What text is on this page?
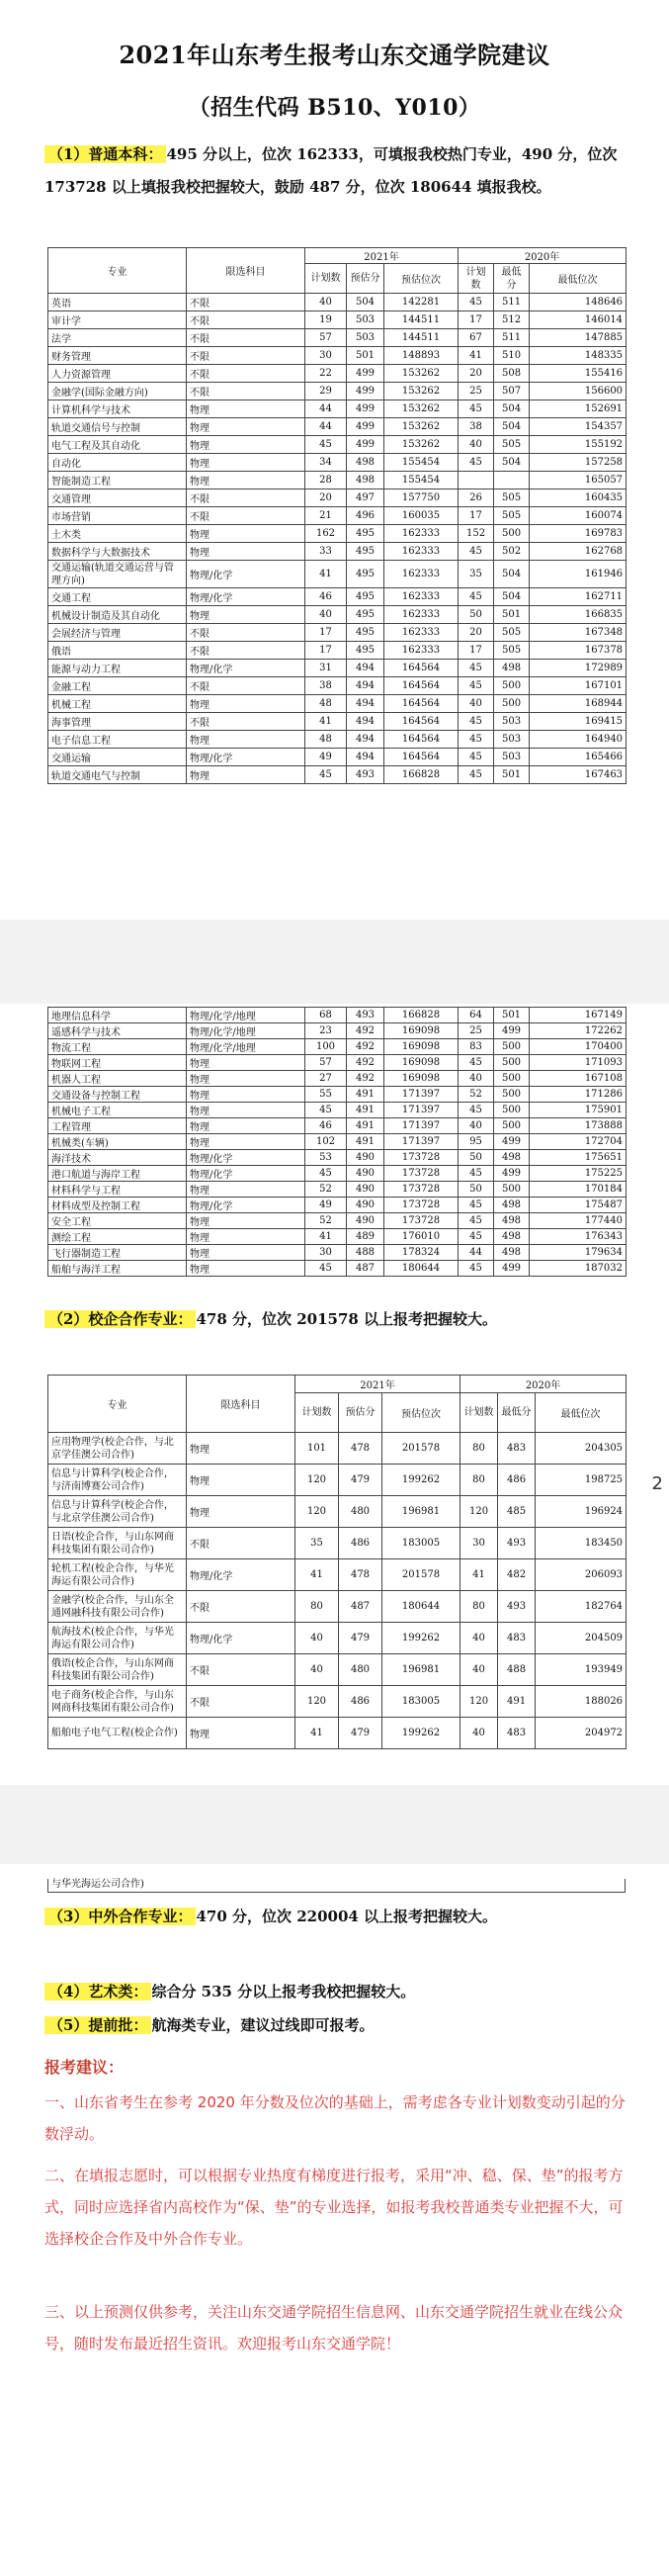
2021年山东考生报考山东交通学院建议
（招生代码 B510、Y010）
（1）普通本科： 495 分以上，位次 162333，可填报我校热门专业，490 分，位次 173728 以上填报我校把握较大，鼓励 487 分，位次 180644 填报我校。
专业	限选科目	2021年			2020年		
		计划数	预估分	预估位次	计划数	最低分	最低位次
英语	不限	40	504	142281	45	511	148646
审计学	不限	19	503	144511	17	512	146014
法学	不限	57	503	144511	67	511	147885
财务管理	不限	30	501	148893	41	510	148335
人力资源管理	不限	22	499	153262	20	508	155416
金融学(国际金融方向)	不限	29	499	153262	25	507	156600
计算机科学与技术	物理	44	499	153262	45	504	152691
轨道交通信号与控制	物理	44	499	153262	38	504	154357
电气工程及其自动化	物理	45	499	153262	40	505	155192
自动化	物理	34	498	155454	45	504	157258
智能制造工程	物理	28	498	155454			165057
交通管理	不限	20	497	157750	26	505	160435
市场营销	不限	21	496	160035	17	505	160074
土木类	物理	162	495	162333	152	500	169783
数据科学与大数据技术	物理	33	495	162333	45	502	162768
交通运输(轨道交通运营与管理方向)	物理/化学	41	495	162333	35	504	161946
交通工程	物理/化学	46	495	162333	45	504	162711
机械设计制造及其自动化	物理	40	495	162333	50	501	166835
会展经济与管理	不限	17	495	162333	20	505	167348
俄语	不限	17	495	162333	17	505	167378
能源与动力工程	物理/化学	31	494	164564	45	498	172989
金融工程	不限	38	494	164564	45	500	167101
机械工程	物理	48	494	164564	40	500	168944
海事管理	不限	41	494	164564	45	503	169415
电子信息工程	物理	48	494	164564	45	503	164940
交通运输	物理/化学	49	494	164564	45	503	165466
轨道交通电气与控制	物理	45	493	166828	45	501	167463
地理信息科学	物理/化学/地理	68	493	166828	64	501	167149
遥感科学与技术	物理/化学/地理	23	492	169098	25	499	172262
物流工程	物理/化学/地理	100	492	169098	83	500	170400
物联网工程	物理	57	492	169098	45	500	171093
机器人工程	物理	27	492	169098	40	500	167108
交通设备与控制工程	物理	55	491	171397	52	500	171286
机械电子工程	物理	45	491	171397	45	500	175901
工程管理	物理	46	491	171397	40	500	173888
机械类(车辆)	物理	102	491	171397	95	499	172704
海洋技术	物理/化学	53	490	173728	50	498	175651
港口航道与海岸工程	物理/化学	45	490	173728	45	499	175225
材料科学与工程	物理	52	490	173728	50	500	170184
材料成型及控制工程	物理/化学	49	490	173728	45	498	175487
安全工程	物理	52	490	173728	45	498	177440
测绘工程	物理	41	489	176010	45	498	176343
飞行器制造工程	物理	30	488	178324	44	498	179634
船舶与海洋工程	物理	45	487	180644	45	499	187032
（2）校企合作专业： 478 分，位次 201578 以上报考把握较大。
专业	限选科目	2021年			2020年		
		计划数	预估分	预估位次	计划数	最低分	最低位次
应用物理学(校企合作，与北京学佳澳公司合作)	物理	101	478	201578	80	483	204305
信息与计算科学(校企合作，与济南博赛公司合作)	物理	120	479	199262	80	486	198725
信息与计算科学(校企合作，与北京学佳澳公司合作)	物理	120	480	196981	120	485	196924
日语(校企合作，与山东网商科技集团有限公司合作)	不限	35	486	183005	30	493	183450
轮机工程(校企合作，与华光海运有限公司合作)	物理/化学	41	478	201578	41	482	206093
金融学(校企合作，与山东全通网融科技有限公司合作)	不限	80	487	180644	80	493	182764
航海技术(校企合作，与华光海运有限公司合作)	物理/化学	40	479	199262	40	483	204509
俄语(校企合作，与山东网商科技集团有限公司合作)	不限	40	480	196981	40	488	193949
电子商务(校企合作，与山东网商科技集团有限公司合作)	不限	120	486	183005	120	491	188026
船舶电子电气工程(校企合作)	物理	41	479	199262	40	483	204972
2
与华光海运公司合作)
（3）中外合作专业： 470 分，位次 220004 以上报考把握较大。
（4）艺术类： 综合分 535 分以上报考我校把握较大。
（5）提前批： 航海类专业，建议过线即可报考。
报考建议：
一、山东省考生在参考 2020 年分数及位次的基础上，需考虑各专业计划数变动引起的分数浮动。
二、在填报志愿时，可以根据专业热度有梯度进行报考，采用“冲、稳、保、垫”的报考方式，同时应选择省内高校作为“保、垫”的专业选择，如报考我校普通类专业把握不大，可选择校企合作及中外合作专业。
三、以上预测仅供参考，关注山东交通学院招生信息网、山东交通学院招生就业在线公众号，随时发布最近招生资讯。欢迎报考山东交通学院！
